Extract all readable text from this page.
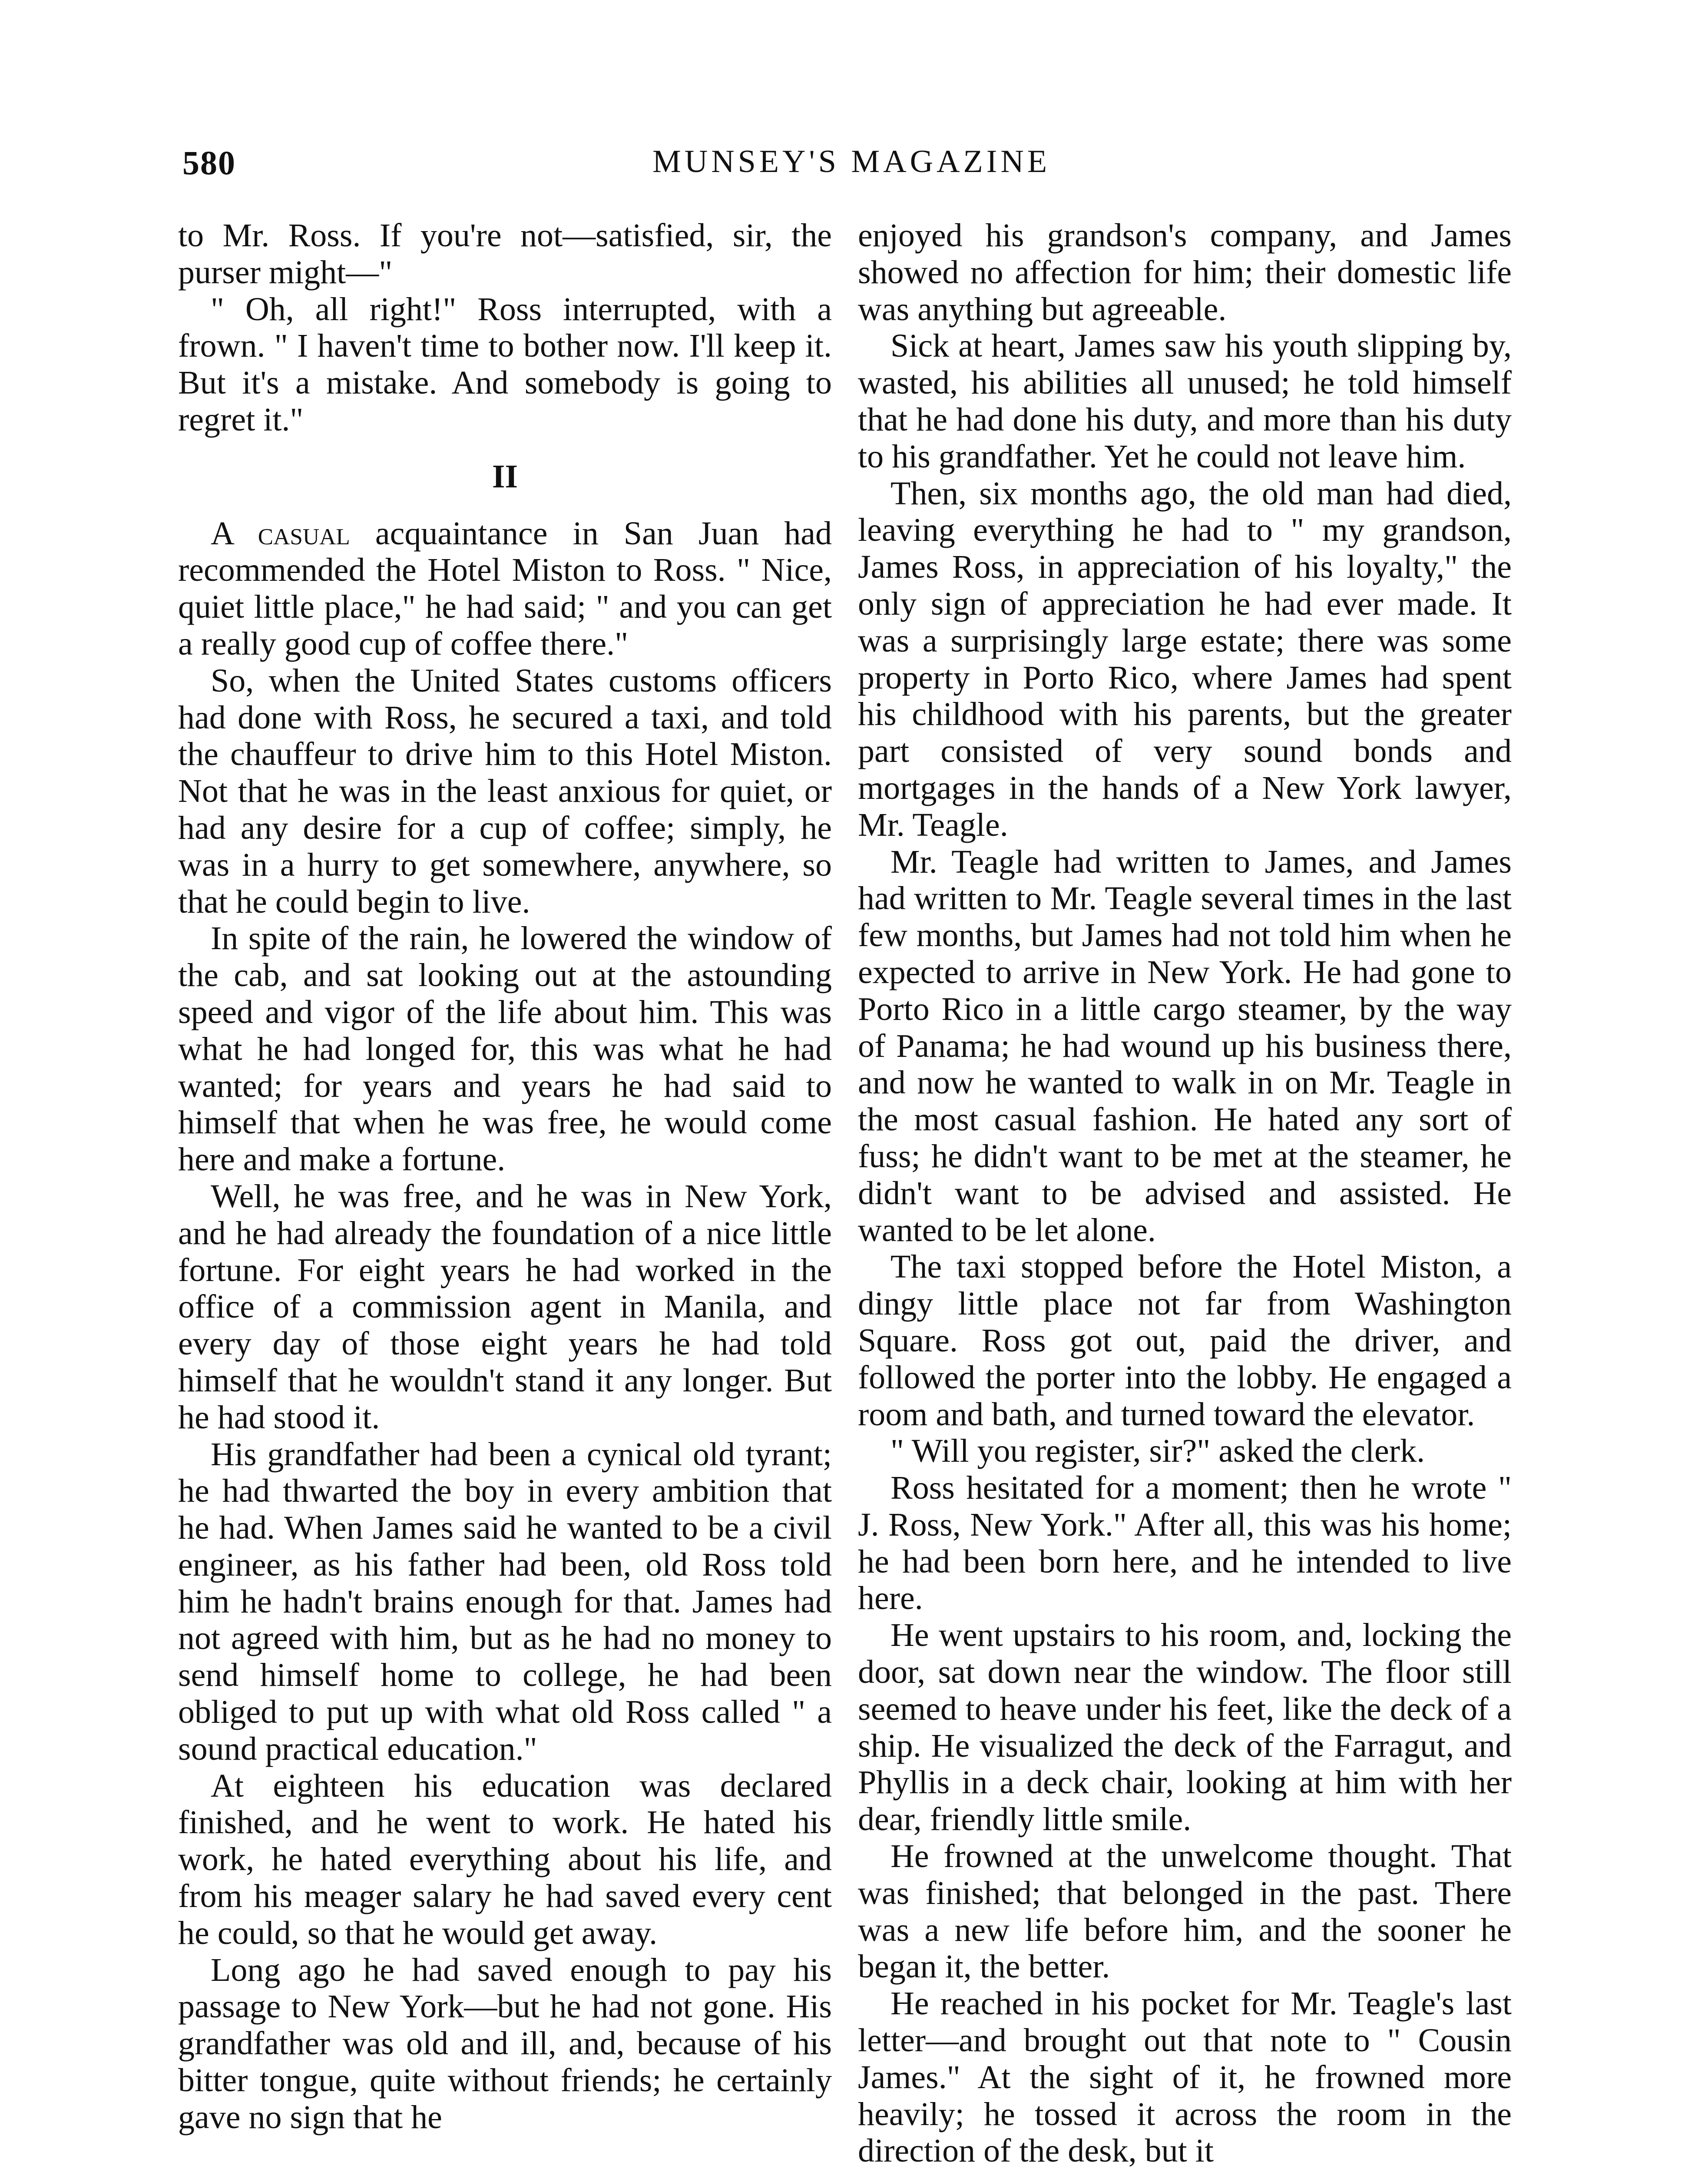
580	MUNSEY'S MAGAZINE

to Mr. Ross. If you're not—satisfied, sir, the purser might—"

" Oh, all right!" Ross interrupted, with a frown. " I haven't time to bother now. I'll keep it. But it's a mistake. And somebody is going to regret it."

II

A casual acquaintance in San Juan had recommended the Hotel Miston to Ross. " Nice, quiet little place," he had said; " and you can get a really good cup of coffee there."

So, when the United States customs officers had done with Ross, he secured a taxi, and told the chauffeur to drive him to this Hotel Miston. Not that he was in the least anxious for quiet, or had any desire for a cup of coffee; simply, he was in a hurry to get somewhere, anywhere, so that he could begin to live.

In spite of the rain, he lowered the window of the cab, and sat looking out at the astounding speed and vigor of the life about him. This was what he had longed for, this was what he had wanted; for years and years he had said to himself that when he was free, he would come here and make a fortune.

Well, he was free, and he was in New York, and he had already the foundation of a nice little fortune. For eight years he had worked in the office of a commission agent in Manila, and every day of those eight years he had told himself that he wouldn't stand it any longer. But he had stood it.

His grandfather had been a cynical old tyrant; he had thwarted the boy in every ambition that he had. When James said he wanted to be a civil engineer, as his father had been, old Ross told him he hadn't brains enough for that. James had not agreed with him, but as he had no money to send himself home to college, he had been obliged to put up with what old Ross called " a sound practical education."

At eighteen his education was declared finished, and he went to work. He hated his work, he hated everything about his life, and from his meager salary he had saved every cent he could, so that he would get away.

Long ago he had saved enough to pay his passage to New York—but he had not gone. His grandfather was old and ill, and, because of his bitter tongue, quite without friends; he certainly gave no sign that he

enjoyed his grandson's company, and James showed no affection for him; their domestic life was anything but agreeable.

Sick at heart, James saw his youth slipping by, wasted, his abilities all unused; he told himself that he had done his duty, and more than his duty to his grandfather. Yet he could not leave him.

Then, six months ago, the old man had died, leaving everything he had to " my grandson, James Ross, in appreciation of his loyalty," the only sign of appreciation he had ever made. It was a surprisingly large estate; there was some property in Porto Rico, where James had spent his childhood with his parents, but the greater part consisted of very sound bonds and mortgages in the hands of a New York lawyer, Mr. Teagle.

Mr. Teagle had written to James, and James had written to Mr. Teagle several times in the last few months, but James had not told him when he expected to arrive in New York. He had gone to Porto Rico in a little cargo steamer, by the way of Panama; he had wound up his business there, and now he wanted to walk in on Mr. Teagle in the most casual fashion. He hated any sort of fuss; he didn't want to be met at the steamer, he didn't want to be advised and assisted. He wanted to be let alone.

The taxi stopped before the Hotel Miston, a dingy little place not far from Washington Square. Ross got out, paid the driver, and followed the porter into the lobby. He engaged a room and bath, and turned toward the elevator.

" Will you register, sir?" asked the clerk.

Ross hesitated for a moment; then he wrote " J. Ross, New York." After all, this was his home; he had been born here, and he intended to live here.

He went upstairs to his room, and, locking the door, sat down near the window. The floor still seemed to heave under his feet, like the deck of a ship. He visualized the deck of the Farragut, and Phyllis in a deck chair, looking at him with her dear, friendly little smile.

He frowned at the unwelcome thought. That was finished; that belonged in the past. There was a new life before him, and the sooner he began it, the better.

He reached in his pocket for Mr. Teagle's last letter—and brought out that note to " Cousin James." At the sight of it, he frowned more heavily; he tossed it across the room in the direction of the desk, but it
